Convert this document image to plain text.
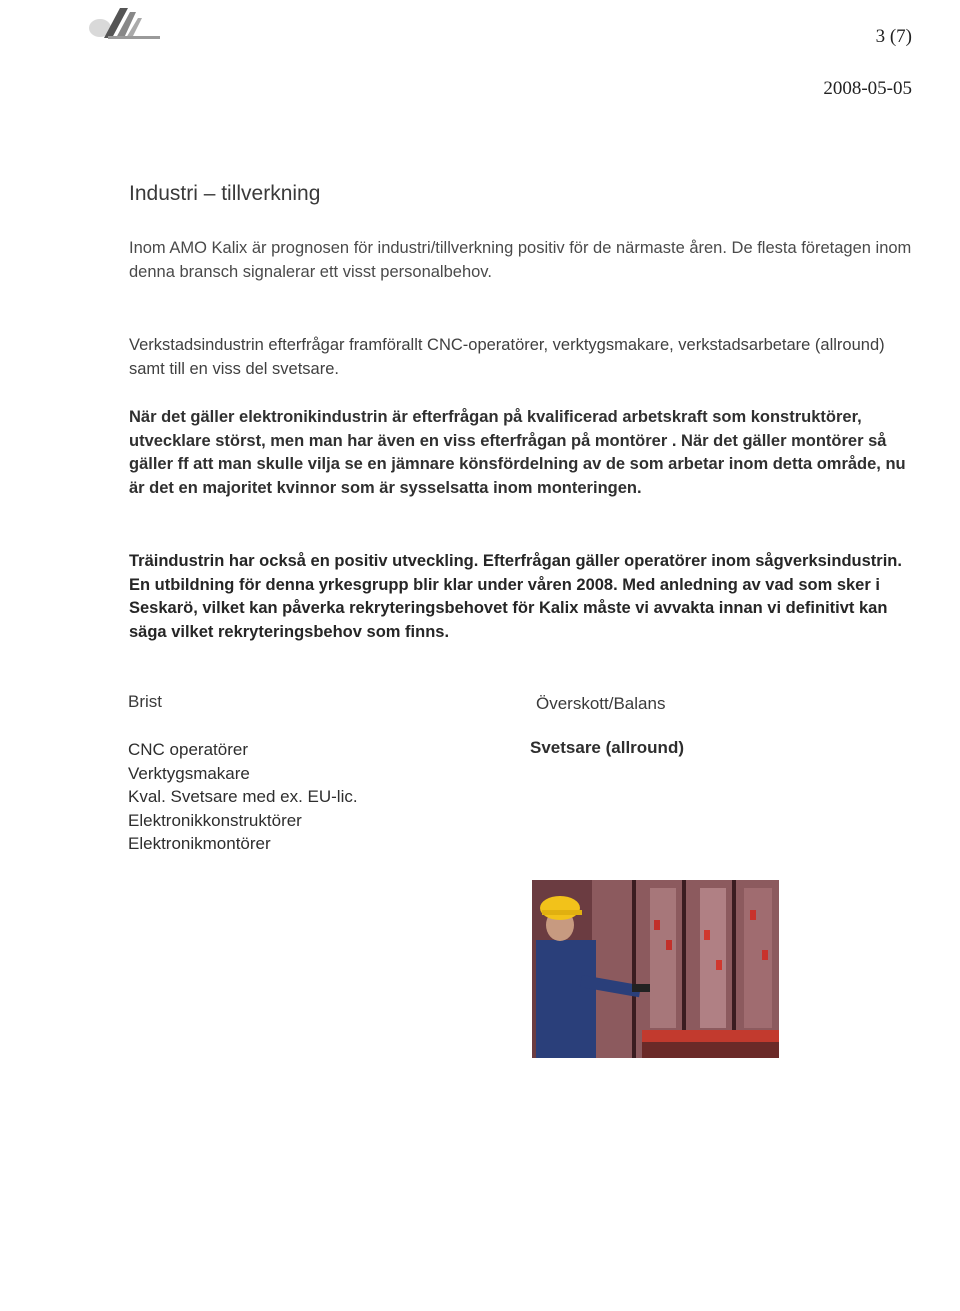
3 (7)
2008-05-05
Industri – tillverkning

Inom AMO Kalix är prognosen för industri/tillverkning positiv för de närmaste åren. De flesta företagen inom denna bransch signalerar ett visst personalbehov.

Verkstadsindustrin efterfrågar framförallt CNC-operatörer, verktygsmakare, verkstadsarbetare (allround) samt till en viss del svetsare.

När det gäller elektronikindustrin är efterfrågan på kvalificerad arbetskraft som konstruktörer, utvecklare störst, men man har även en viss efterfrågan på montörer . När det gäller montörer så gäller ff att man skulle vilja se en jämnare könsfördelning av de som arbetar inom detta område, nu är det en majoritet kvinnor som är sysselsatta inom monteringen.

Träindustrin har också en positiv utveckling. Efterfrågan gäller operatörer inom sågverksindustrin. En utbildning för denna yrkesgrupp blir klar under våren 2008. Med anledning av vad som sker i Seskarö, vilket kan påverka rekryteringsbehovet för Kalix måste vi avvakta innan vi definitivt kan säga vilket rekryteringsbehov som finns.

Brist	Överskott/Balans
CNC operatörer
Verktygsmakare
Kval. Svetsare med ex. EU-lic.
Elektronikkonstruktörer
Elektronikmontörer
Svetsare (allround)
